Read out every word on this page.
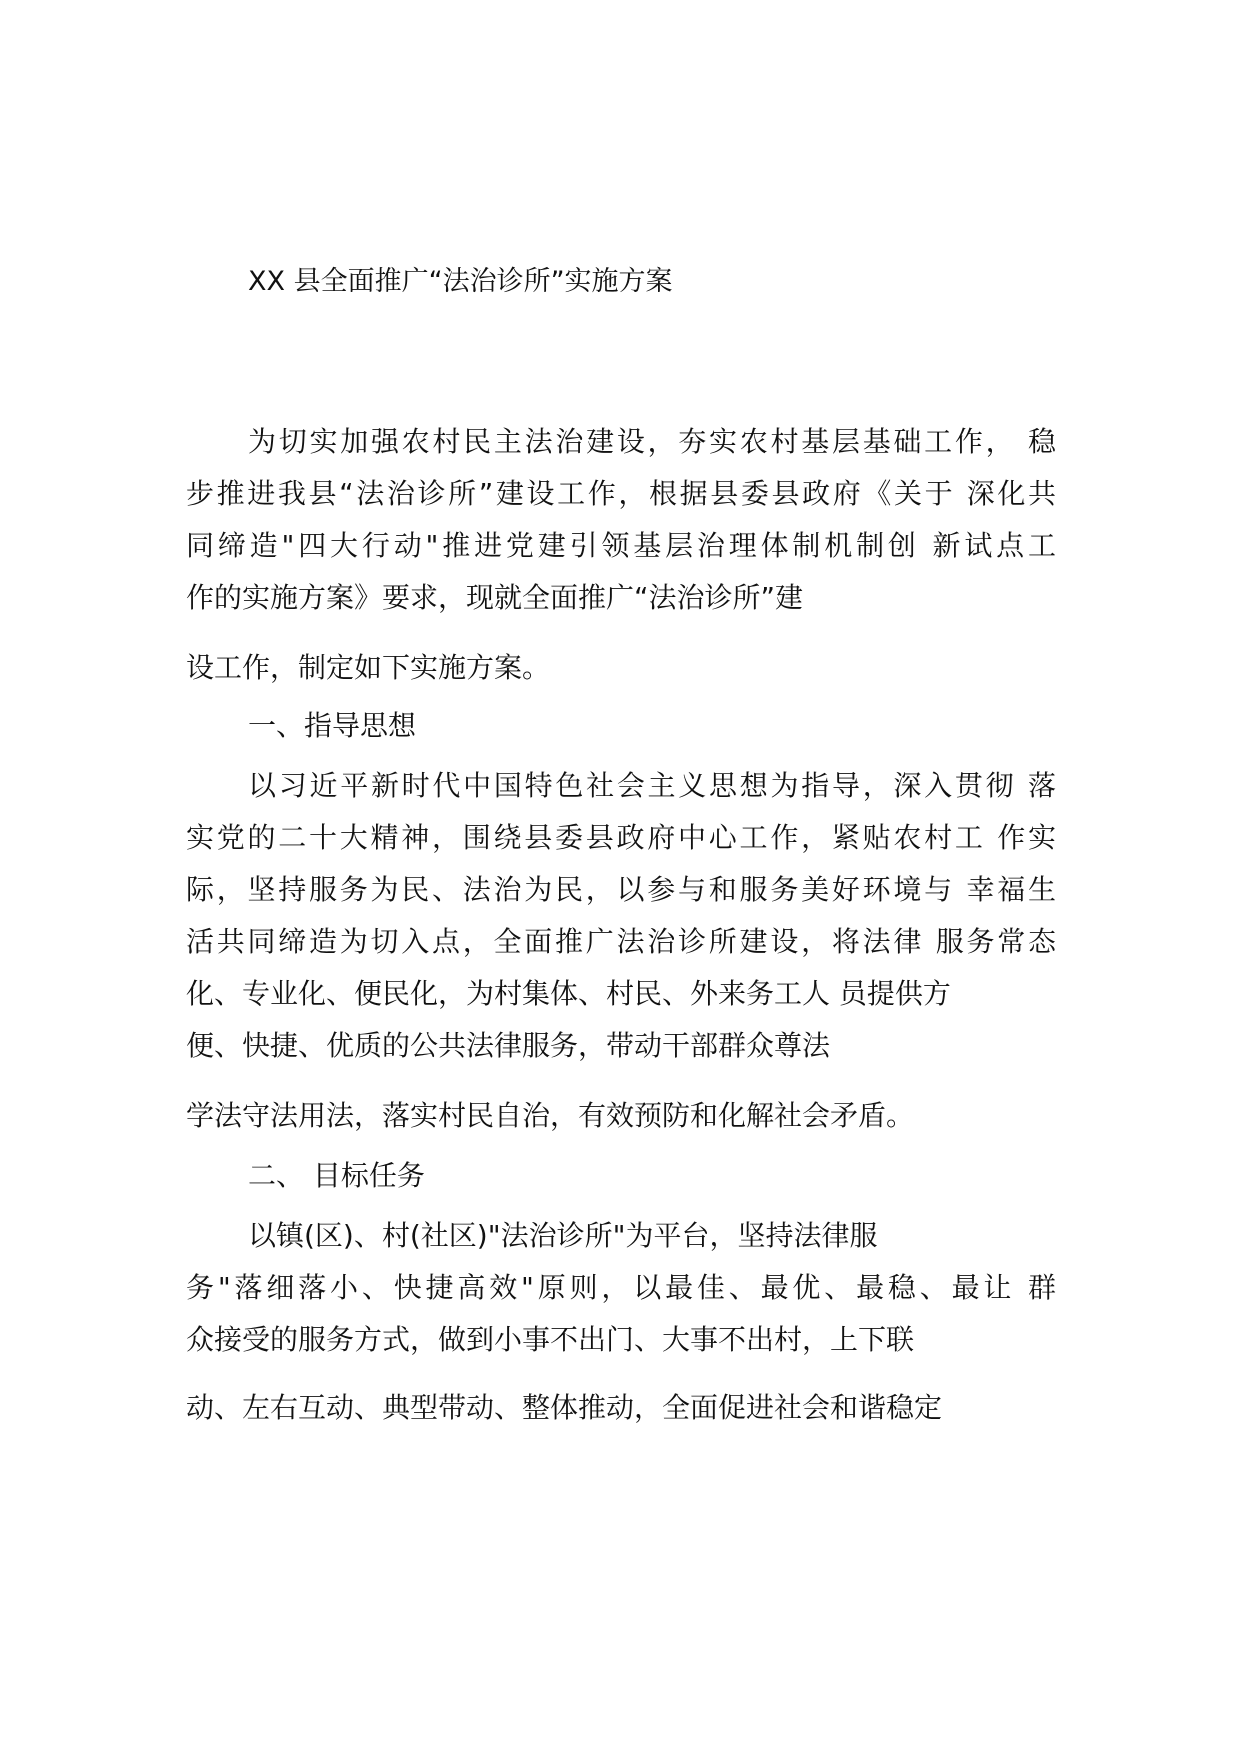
XX 县全面推广“法治诊所”实施方案
为切实加强农村民主法治建设，夯实农村基层基础工作， 稳
步推进我县“法治诊所”建设工作，根据县委县政府《关于 深化共
同缔造"四大行动"推进党建引领基层治理体制机制创 新试点工
作的实施方案》要求，现就全面推广“法治诊所”建
设工作，制定如下实施方案。
一、指导思想
以习近平新时代中国特色社会主义思想为指导，深入贯彻 落
实党的二十大精神，围绕县委县政府中心工作，紧贴农村工 作实
际，坚持服务为民、法治为民，以参与和服务美好环境与 幸福生
活共同缔造为切入点，全面推广法治诊所建设，将法律 服务常态
化、专业化、便民化，为村集体、村民、外来务工人 员提供方
便、快捷、优质的公共法律服务，带动干部群众尊法
学法守法用法，落实村民自治，有效预防和化解社会矛盾。
二、 目标任务
以镇(区)、村(社区)"法治诊所"为平台，坚持法律服
务"落细落小、快捷高效"原则，以最佳、最优、最稳、最让 群
众接受的服务方式，做到小事不出门、大事不出村，上下联
动、左右互动、典型带动、整体推动，全面促进社会和谐稳定
